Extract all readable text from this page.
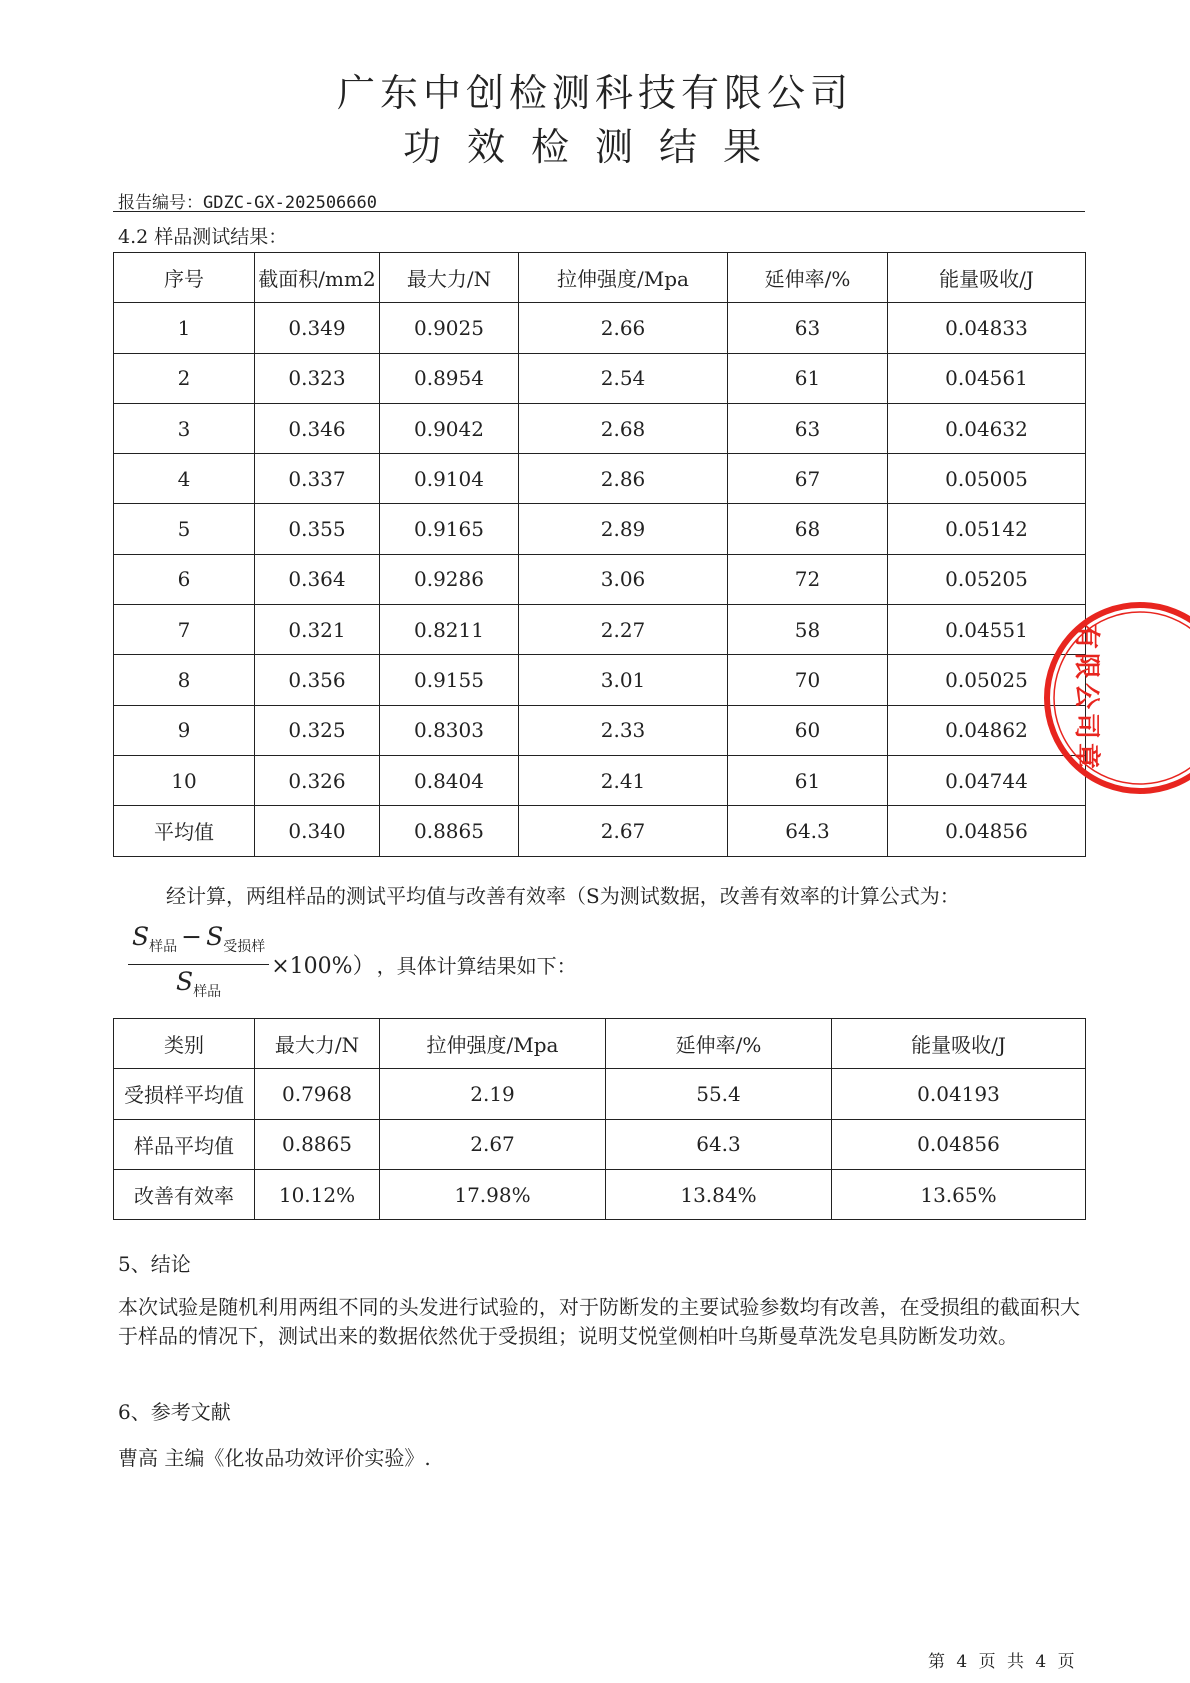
广东中创检测科技有限公司
功效检测结果
报告编号：GDZC-GX-202506660
4.2 样品测试结果：
序号	截面积/mm2	最大力/N	拉伸强度/Mpa	延伸率/%	能量吸收/J
1	0.349	0.9025	2.66	63	0.04833
2	0.323	0.8954	2.54	61	0.04561
3	0.346	0.9042	2.68	63	0.04632
4	0.337	0.9104	2.86	67	0.05005
5	0.355	0.9165	2.89	68	0.05142
6	0.364	0.9286	3.06	72	0.05205
7	0.321	0.8211	2.27	58	0.04551
8	0.356	0.9155	3.01	70	0.05025
9	0.325	0.8303	2.33	60	0.04862
10	0.326	0.8404	2.41	61	0.04744
平均值	0.340	0.8865	2.67	64.3	0.04856
经计算，两组样品的测试平均值与改善有效率（S为测试数据，改善有效率的计算公式为：
$\frac{S_{样品} - S_{受损样}}{S_{样品}} \times 100\%$） ，具体计算结果如下：
类别	最大力/N	拉伸强度/Mpa	延伸率/%	能量吸收/J
受损样平均值	0.7968	2.19	55.4	0.04193
样品平均值	0.8865	2.67	64.3	0.04856
改善有效率	10.12%	17.98%	13.84%	13.65%
5、结论
本次试验是随机利用两组不同的头发进行试验的，对于防断发的主要试验参数均有改善，在受损组的截面积大于样品的情况下，测试出来的数据依然优于受损组；说明艾悦堂侧柏叶乌斯曼草洗发皂具防断发功效。
6、参考文献
曹高 主编《化妆品功效评价实验》.
第 4 页 共 4 页
有限公司章
